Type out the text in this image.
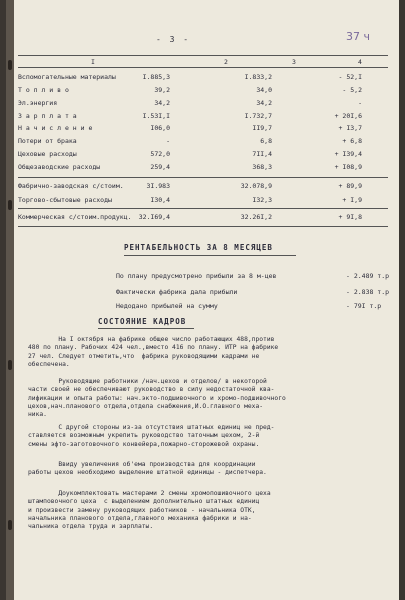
- 3 -	37 ч
I	2	3	4
Вспомогательные материалы	I.885,3	I.833,2	- 52,I
Т о п л и в о	39,2	34,0	- 5,2
Эл.энергия	34,2	34,2	-
З а р п л а т а	I.53I,I	I.732,7	+ 20I,6
Н а ч и с л е н и е	I06,0	II9,7	+ I3,7
Потери от брака	-	6,8	+ 6,8
Цеховые расходы	572,0	7II,4	+ I39,4
Общезаводские расходы	259,4	368,3	+ I08,9
Фабрично-заводская с/стоим.	3I.983	32.078,9	+ 89,9
Торгово-сбытовые расходы	I30,4	I32,3	+ I,9
Коммерческая с/стоим.продукц. 32.I69,4	32.26I,2	+ 9I,8
РЕНТАБЕЛЬНОСТЬ ЗА 8 МЕСЯЦЕВ
По плану предусмотрено прибыли за 8 м-цев	- 2.489 т.р
Фактически фабрика дала прибыли	- 2.838 т.р
Недодано прибылей на сумму	- 79I т.р
СОСТОЯНИЕ КАДРОВ
На I октября на фабрике общее число работающих 488,против
480 по плану. Рабочих 424 чел.,вместо 416 по плану. ИТР на фабрике
27 чел. Следует отметить,что  фабрика руководящими кадрами не
обеспечена.
Руководящие работники /нач.цехов и отделов/ в некоторой
части своей не обеспечивают руководство в силу недостаточной ква-
лификации и опыта работы: нач.экто-подшивочного и хромо-подшивочного
цехов,нач.планового отдела,отдела снабжения,И.О.главного меха-
ника.
С другой стороны из-за отсутствия штатных единиц не пред-
ставляется возможным укрепить руководство таточным цехом, 2-й
смены эфто-заготовочного конвейера,пожарно-сторожевой охраны.
Ввиду увеличения об'ема производства для координации
работы цехов необходимо выделение штатной единицы - диспетчера.
Доукомплектовать мастерами 2 смены хромопошивочного цеха
штамповочного цеха  с выделением дополнительно штатных единиц
и произвести замену руководящих работников - начальника ОТК,
начальника планового отдела,главного механика фабрики и на-
чальника отдела труда и зарплаты.
